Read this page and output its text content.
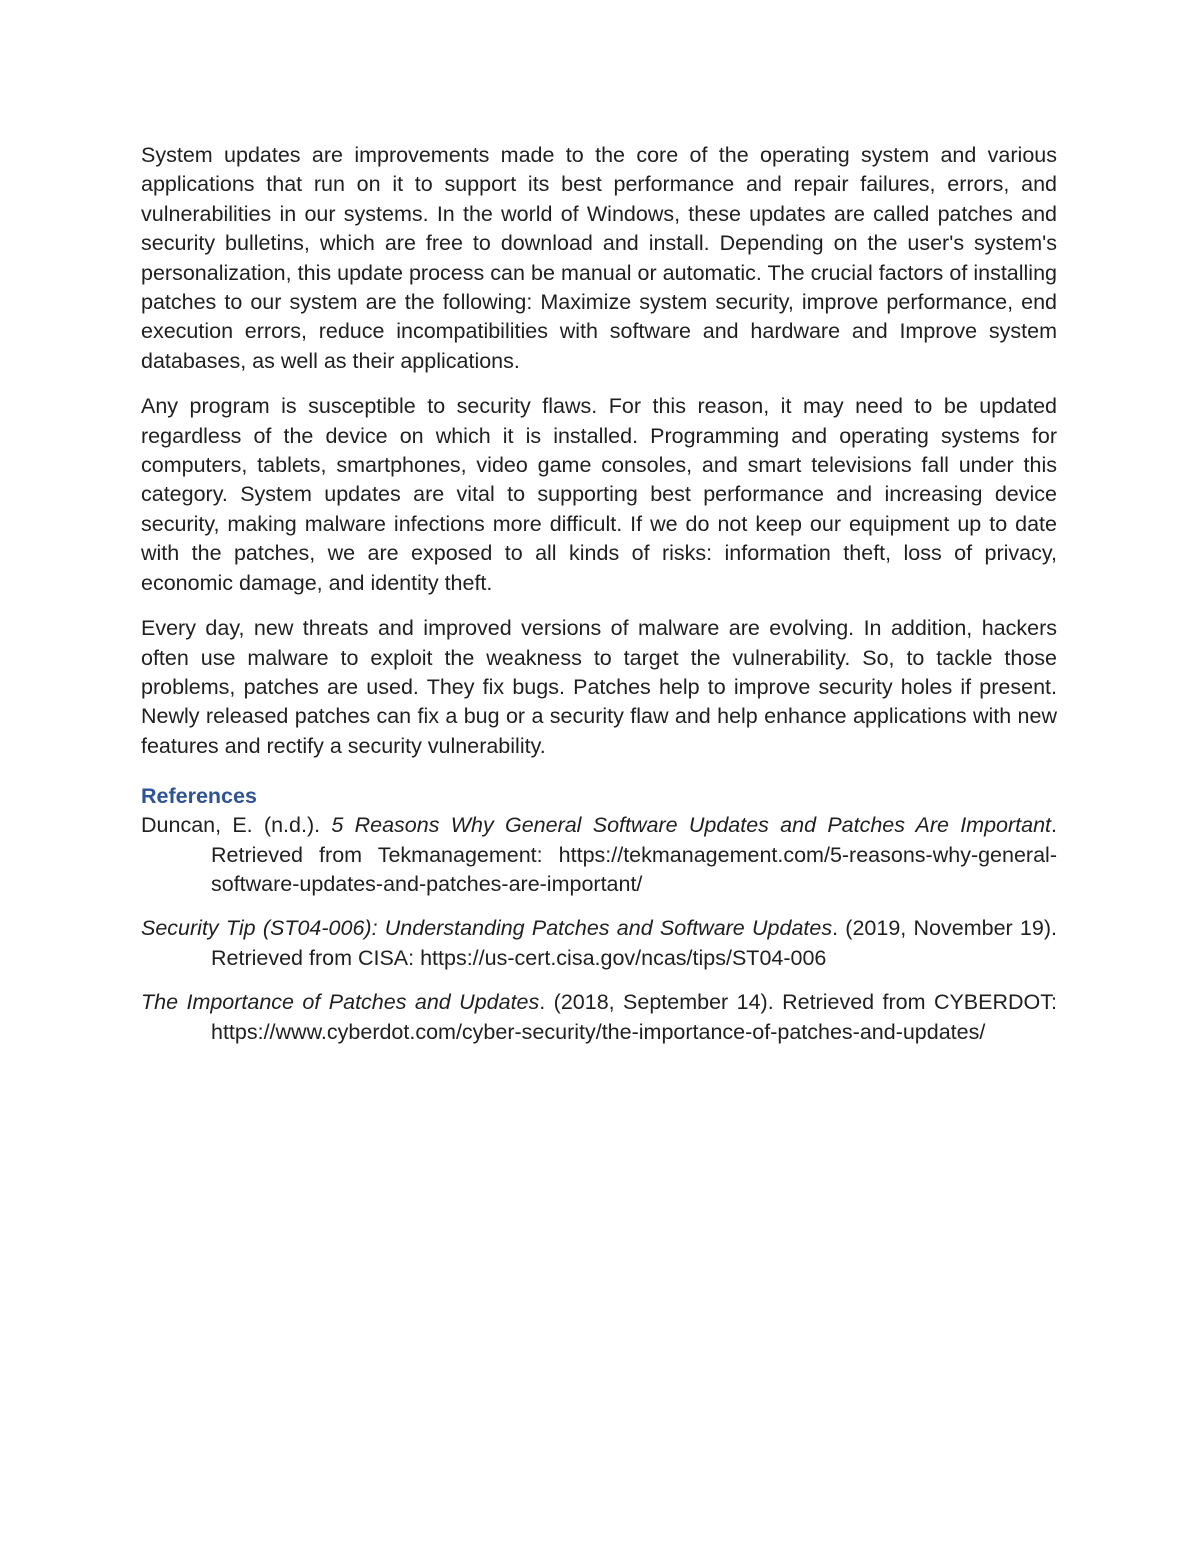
System updates are improvements made to the core of the operating system and various applications that run on it to support its best performance and repair failures, errors, and vulnerabilities in our systems. In the world of Windows, these updates are called patches and security bulletins, which are free to download and install. Depending on the user's system's personalization, this update process can be manual or automatic. The crucial factors of installing patches to our system are the following: Maximize system security, improve performance, end execution errors, reduce incompatibilities with software and hardware and Improve system databases, as well as their applications.

Any program is susceptible to security flaws. For this reason, it may need to be updated regardless of the device on which it is installed. Programming and operating systems for computers, tablets, smartphones, video game consoles, and smart televisions fall under this category. System updates are vital to supporting best performance and increasing device security, making malware infections more difficult. If we do not keep our equipment up to date with the patches, we are exposed to all kinds of risks: information theft, loss of privacy, economic damage, and identity theft.

Every day, new threats and improved versions of malware are evolving. In addition, hackers often use malware to exploit the weakness to target the vulnerability. So, to tackle those problems, patches are used. They fix bugs. Patches help to improve security holes if present. Newly released patches can fix a bug or a security flaw and help enhance applications with new features and rectify a security vulnerability.

References

Duncan, E. (n.d.). 5 Reasons Why General Software Updates and Patches Are Important. Retrieved from Tekmanagement: https://tekmanagement.com/5-reasons-why-general-software-updates-and-patches-are-important/

Security Tip (ST04-006): Understanding Patches and Software Updates. (2019, November 19). Retrieved from CISA: https://us-cert.cisa.gov/ncas/tips/ST04-006

The Importance of Patches and Updates. (2018, September 14). Retrieved from CYBERDOT: https://www.cyberdot.com/cyber-security/the-importance-of-patches-and-updates/
